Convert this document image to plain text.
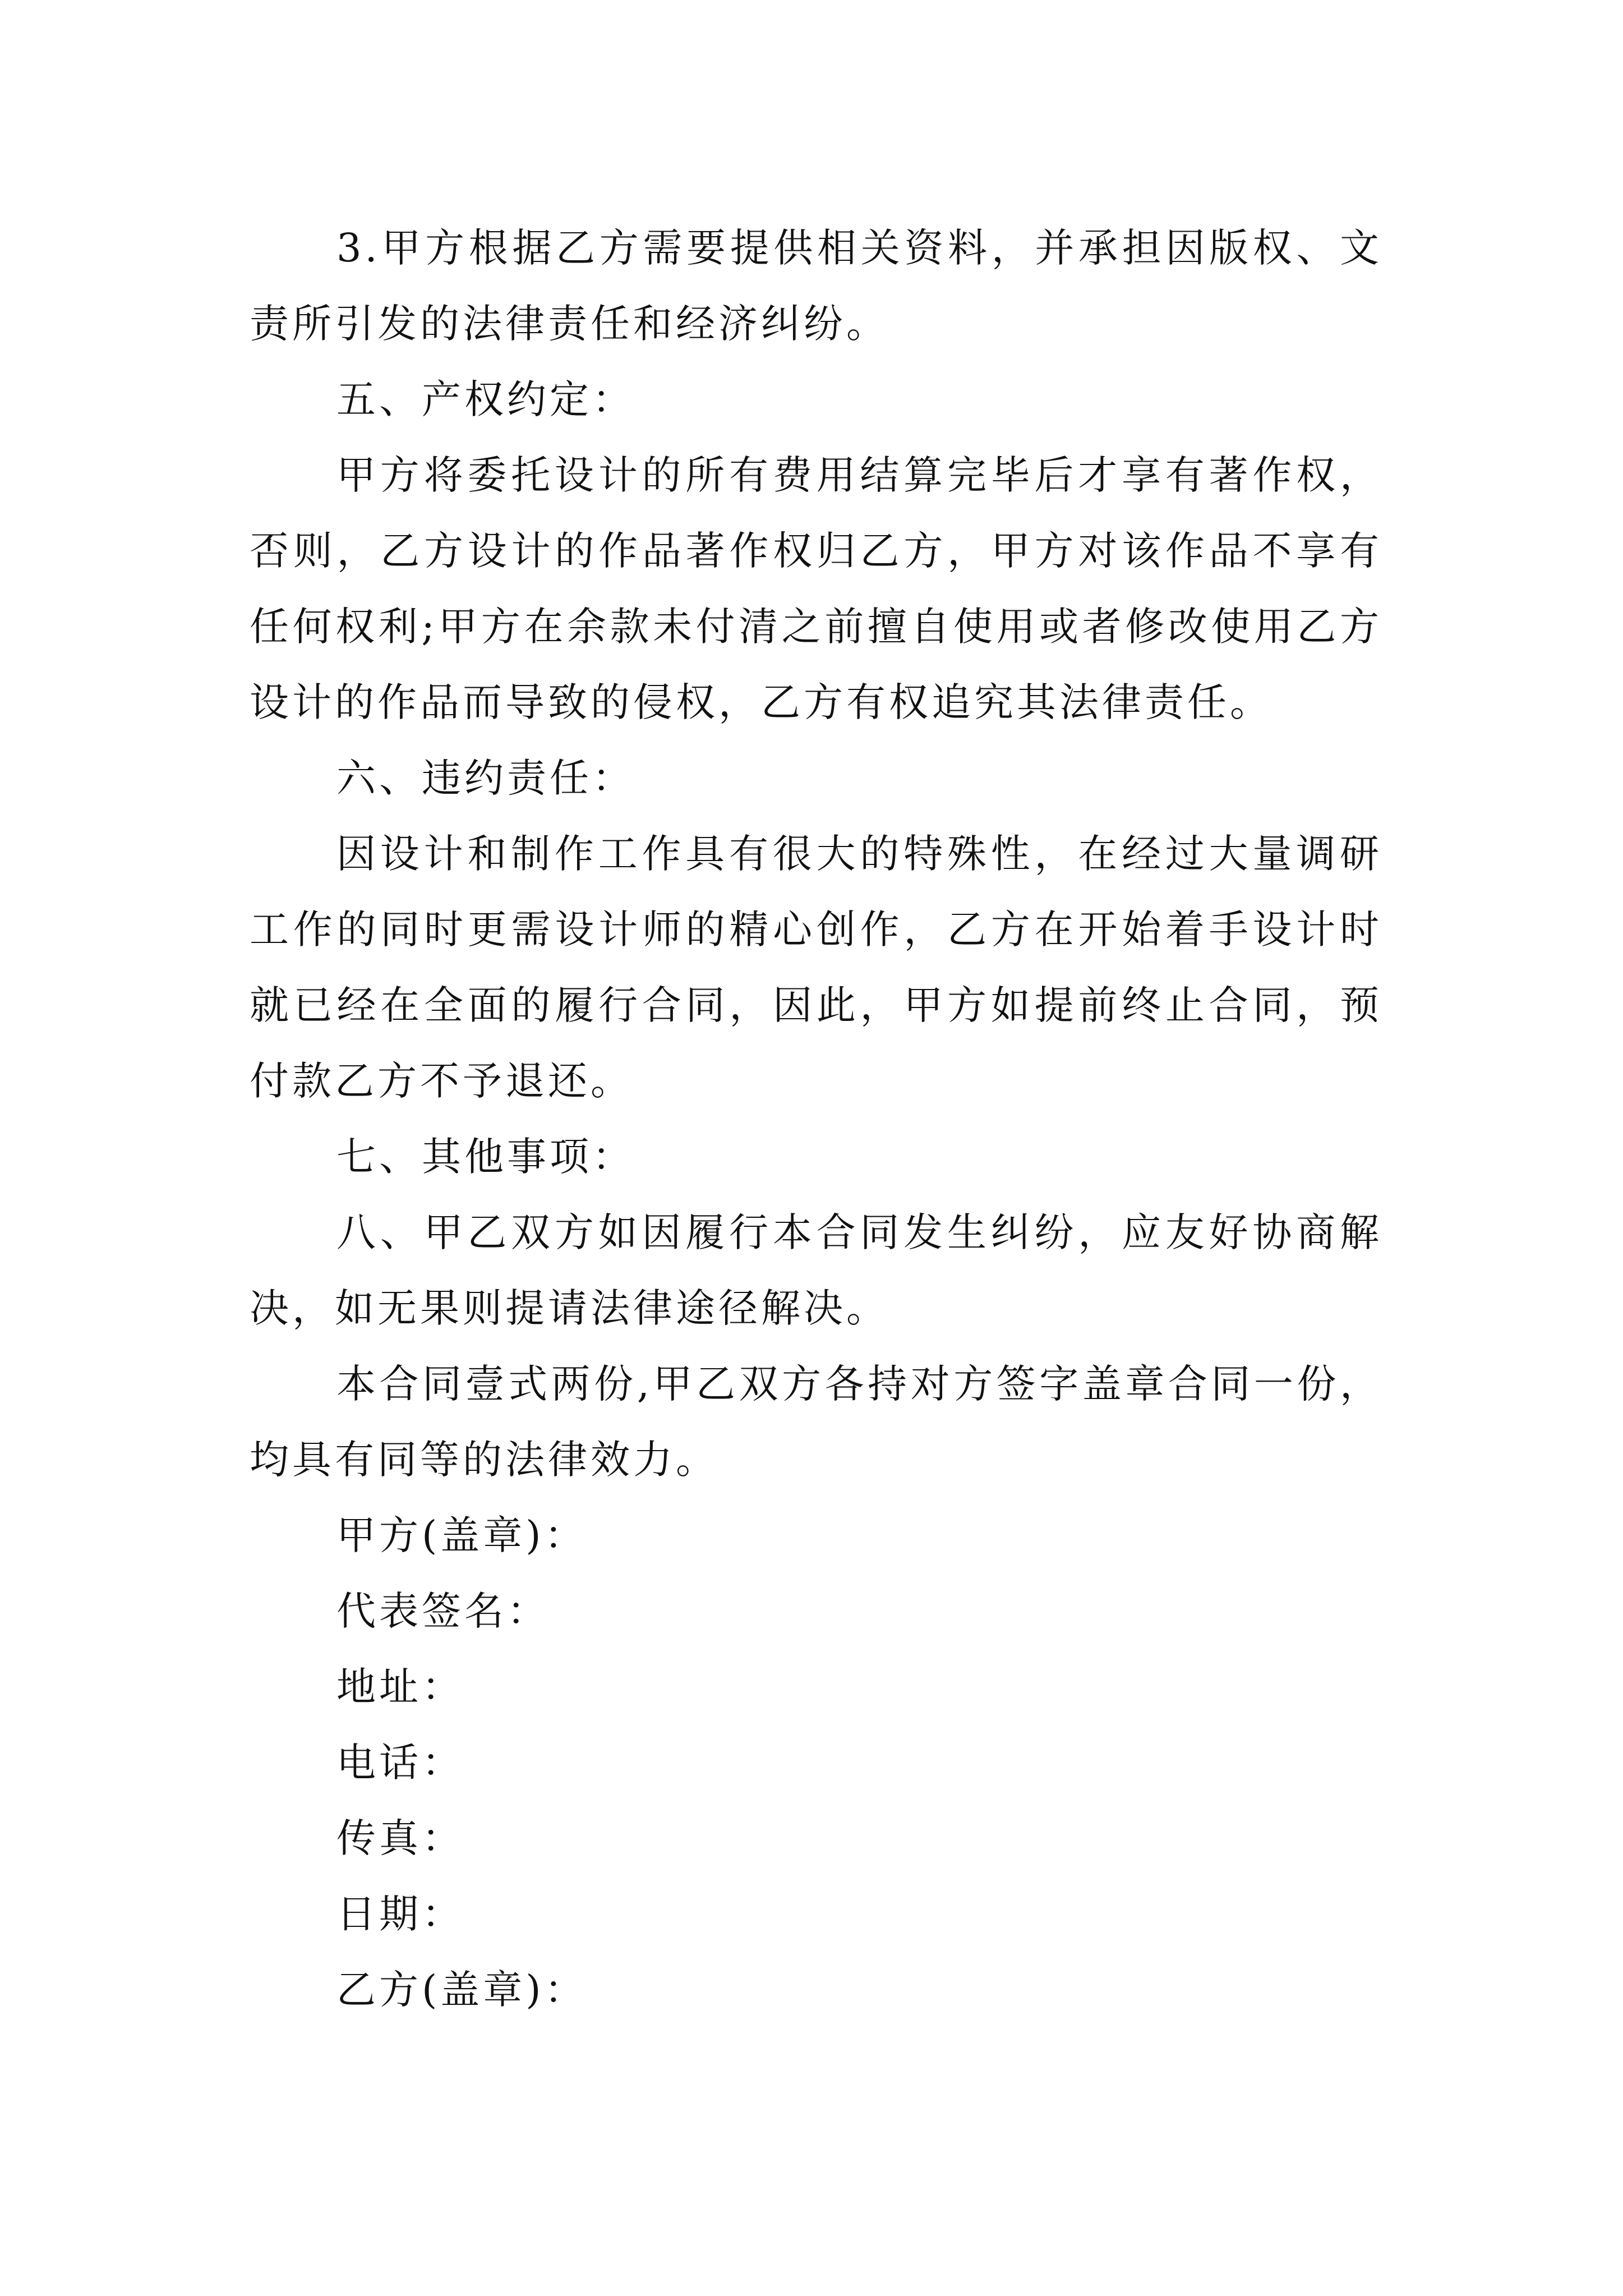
3.甲方根据乙方需要提供相关资料，并承担因版权、文责所引发的法律责任和经济纠纷。

五、产权约定：

甲方将委托设计的所有费用结算完毕后才享有著作权，否则，乙方设计的作品著作权归乙方，甲方对该作品不享有任何权利;甲方在余款未付清之前擅自使用或者修改使用乙方设计的作品而导致的侵权，乙方有权追究其法律责任。

六、违约责任：

因设计和制作工作具有很大的特殊性，在经过大量调研工作的同时更需设计师的精心创作，乙方在开始着手设计时就已经在全面的履行合同，因此，甲方如提前终止合同，预付款乙方不予退还。

七、其他事项：

八、甲乙双方如因履行本合同发生纠纷，应友好协商解决，如无果则提请法律途径解决。

本合同壹式两份,甲乙双方各持对方签字盖章合同一份，均具有同等的法律效力。

甲方(盖章)：

代表签名：

地址：

电话：

传真：

日期：

乙方(盖章)：
